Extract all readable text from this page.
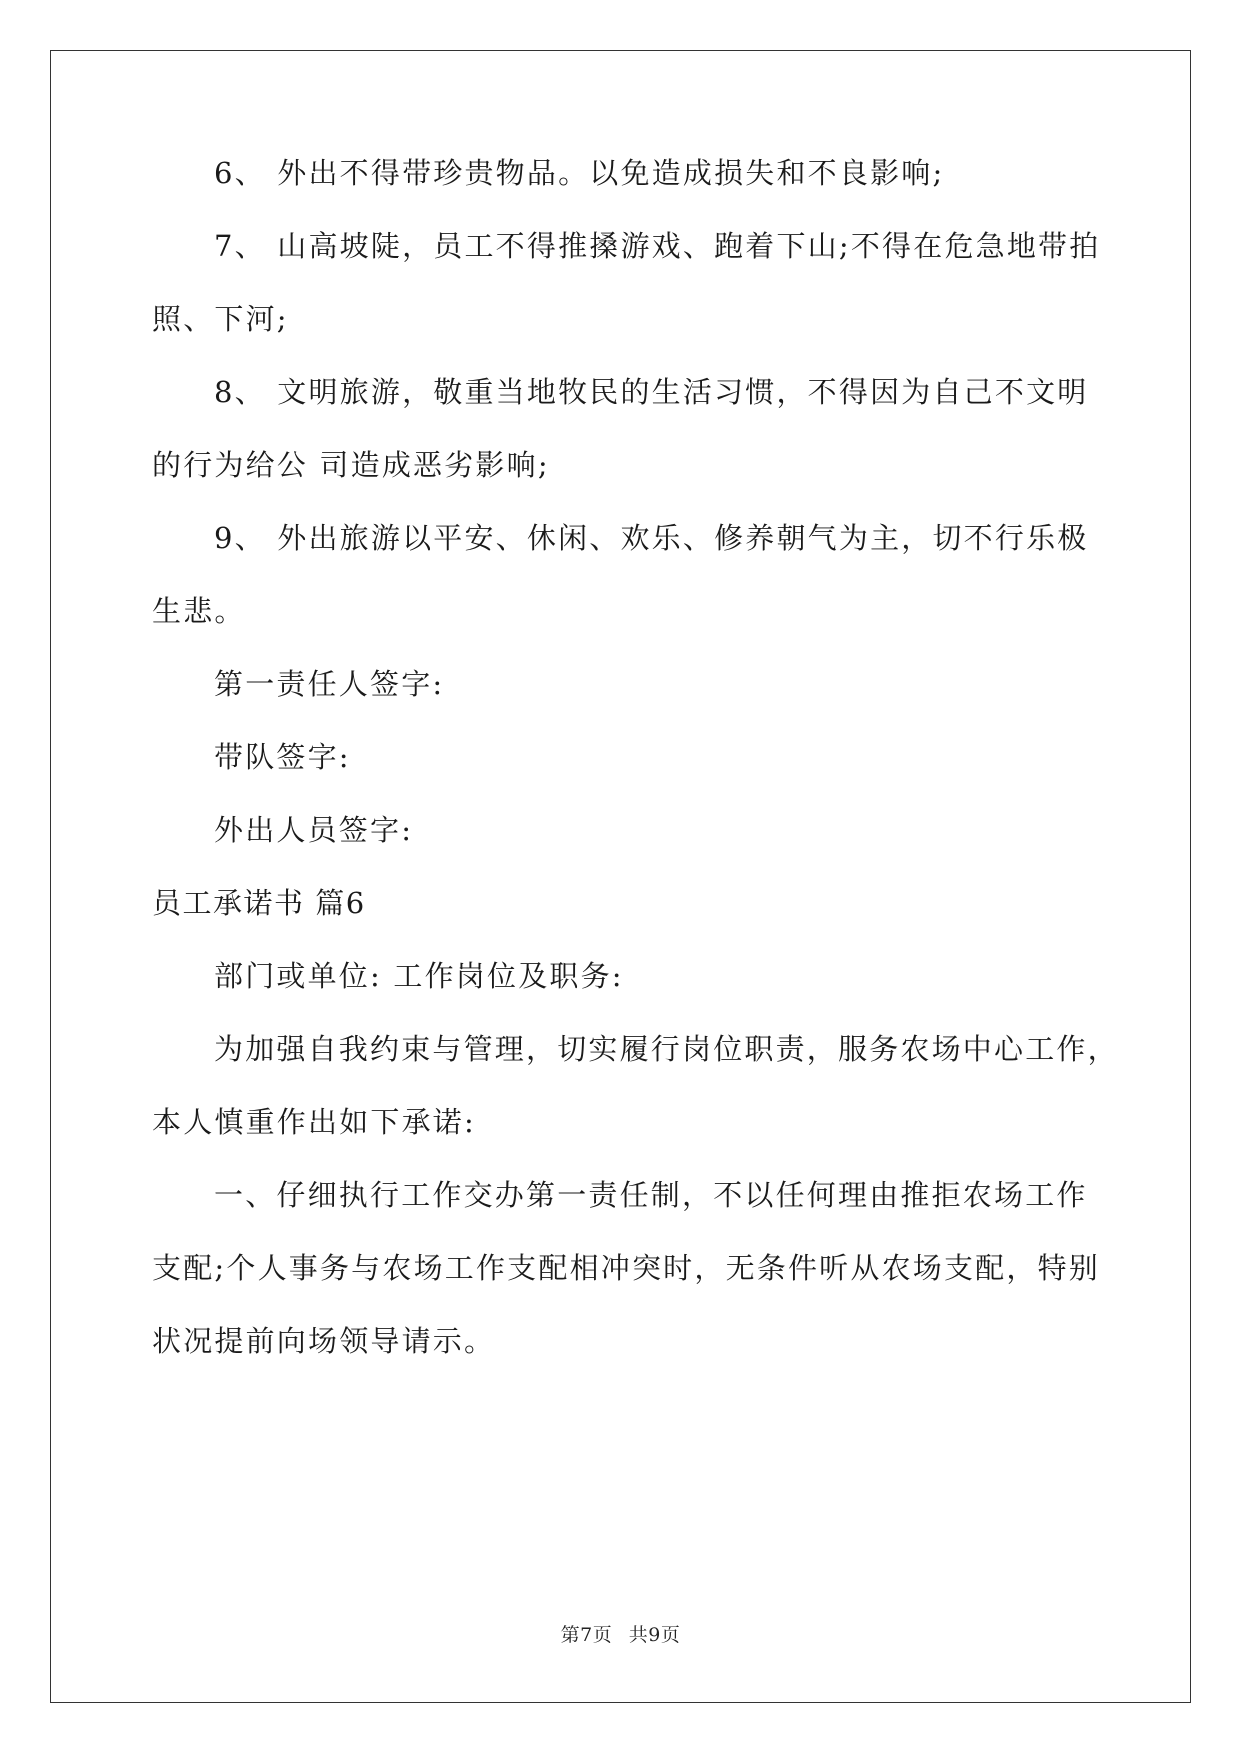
6、 外出不得带珍贵物品。以免造成损失和不良影响;
7、 山高坡陡，员工不得推搡游戏、跑着下山;不得在危急地带拍
照、下河;
8、 文明旅游，敬重当地牧民的生活习惯，不得因为自己不文明
的行为给公 司造成恶劣影响;
9、 外出旅游以平安、休闲、欢乐、修养朝气为主，切不行乐极
生悲。
第一责任人签字:
带队签字:
外出人员签字:
员工承诺书 篇6
部门或单位: 工作岗位及职务:
为加强自我约束与管理，切实履行岗位职责，服务农场中心工作，
本人慎重作出如下承诺:
一、仔细执行工作交办第一责任制，不以任何理由推拒农场工作
支配;个人事务与农场工作支配相冲突时，无条件听从农场支配，特别
状况提前向场领导请示。
第7页 共9页
